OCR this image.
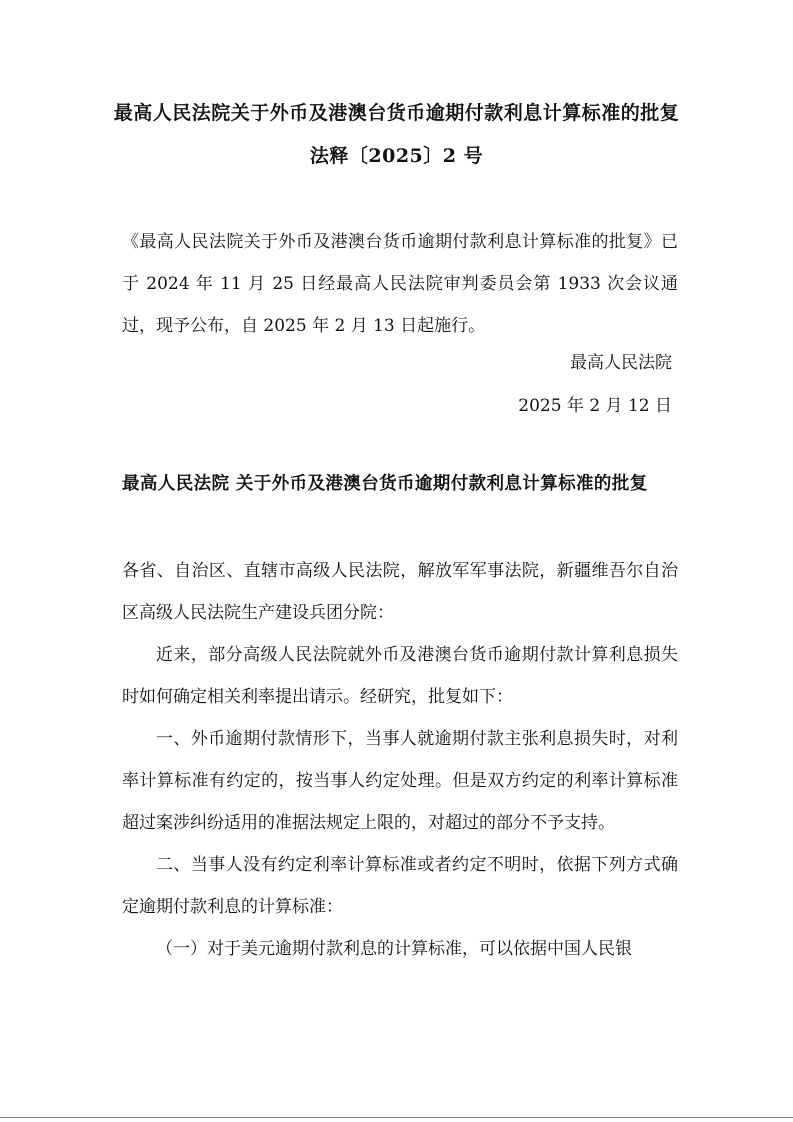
最高人民法院关于外币及港澳台货币逾期付款利息计算标准的批复
法释〔2025〕2 号
《最高人民法院关于外币及港澳台货币逾期付款利息计算标准的批复》已于 2024 年 11 月 25 日经最高人民法院审判委员会第 1933 次会议通过，现予公布，自 2025 年 2 月 13 日起施行。
最高人民法院
2025 年 2 月 12 日
最高人民法院 关于外币及港澳台货币逾期付款利息计算标准的批复

各省、自治区、直辖市高级人民法院，解放军军事法院，新疆维吾尔自治区高级人民法院生产建设兵团分院：

近来，部分高级人民法院就外币及港澳台货币逾期付款计算利息损失时如何确定相关利率提出请示。经研究，批复如下：

一、外币逾期付款情形下，当事人就逾期付款主张利息损失时，对利率计算标准有约定的，按当事人约定处理。但是双方约定的利率计算标准超过案涉纠纷适用的准据法规定上限的，对超过的部分不予支持。

二、当事人没有约定利率计算标准或者约定不明时，依据下列方式确定逾期付款利息的计算标准：

（一）对于美元逾期付款利息的计算标准，可以依据中国人民银
